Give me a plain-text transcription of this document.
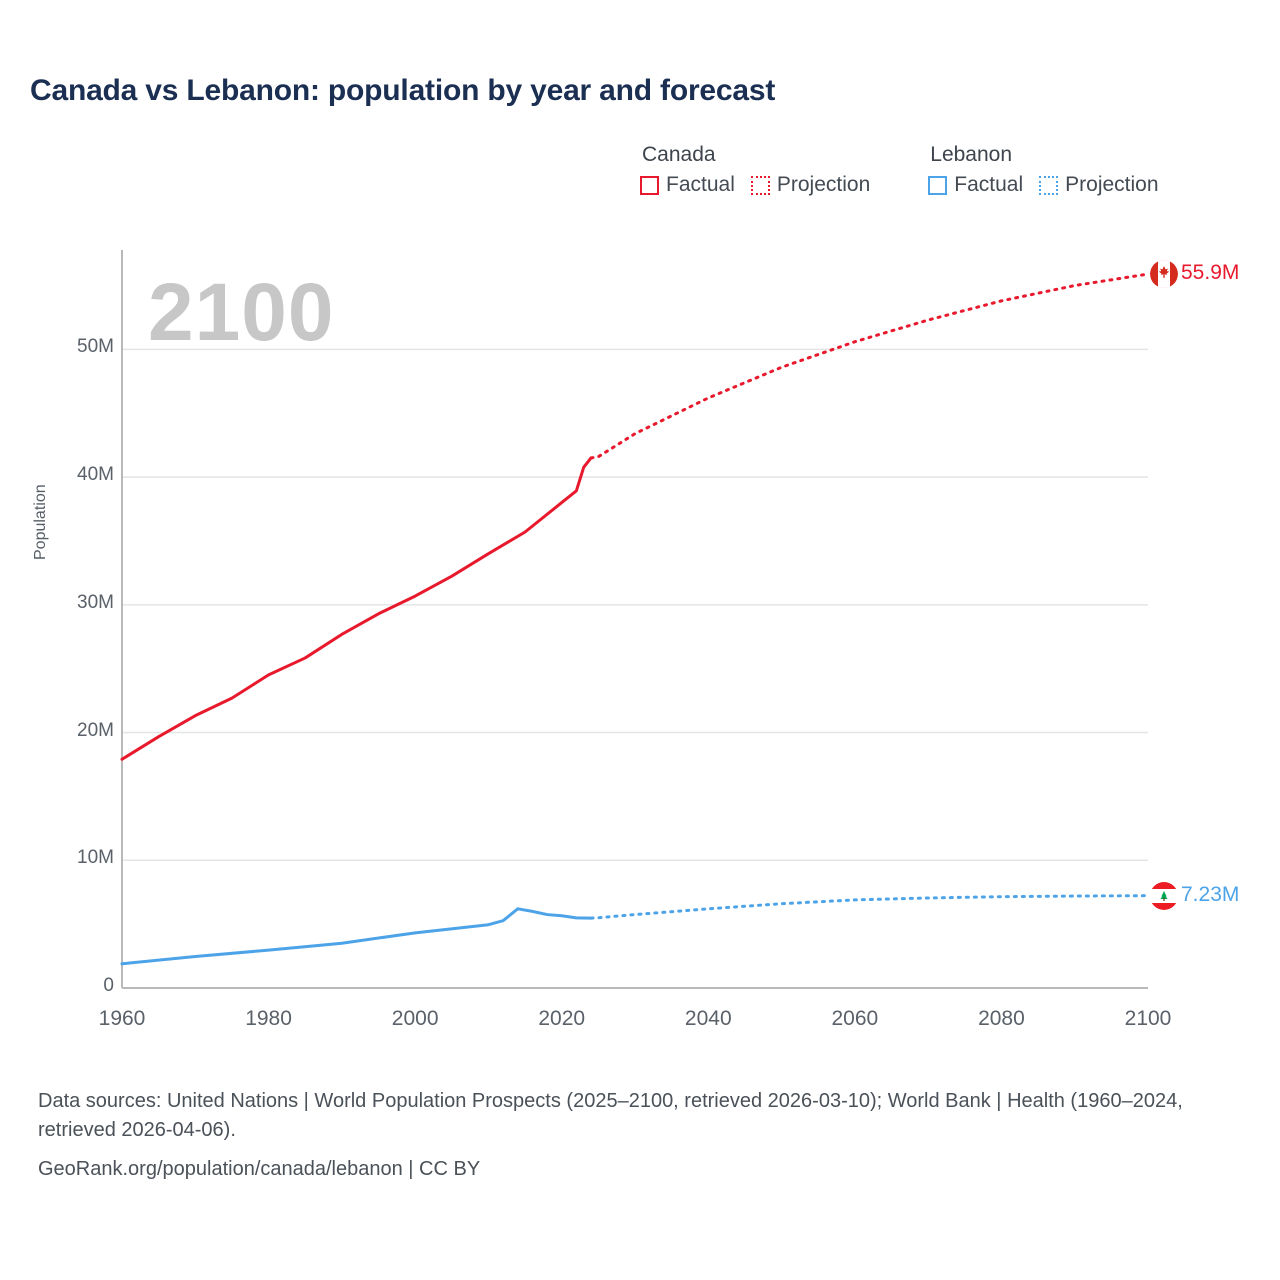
Canada vs Lebanon: population by year and forecast
Canada
Factual Projection
Lebanon
Factual Projection
2100
Population
55.9M
7.23M
0
10M
20M
30M
40M
50M
1960	1980	2000	2020	2040	2060	2080	2100
Data sources: United Nations | World Population Prospects (2025–2100, retrieved 2026-03-10); World Bank | Health (1960–2024, retrieved 2026-04-06).
GeoRank.org/population/canada/lebanon | CC BY
